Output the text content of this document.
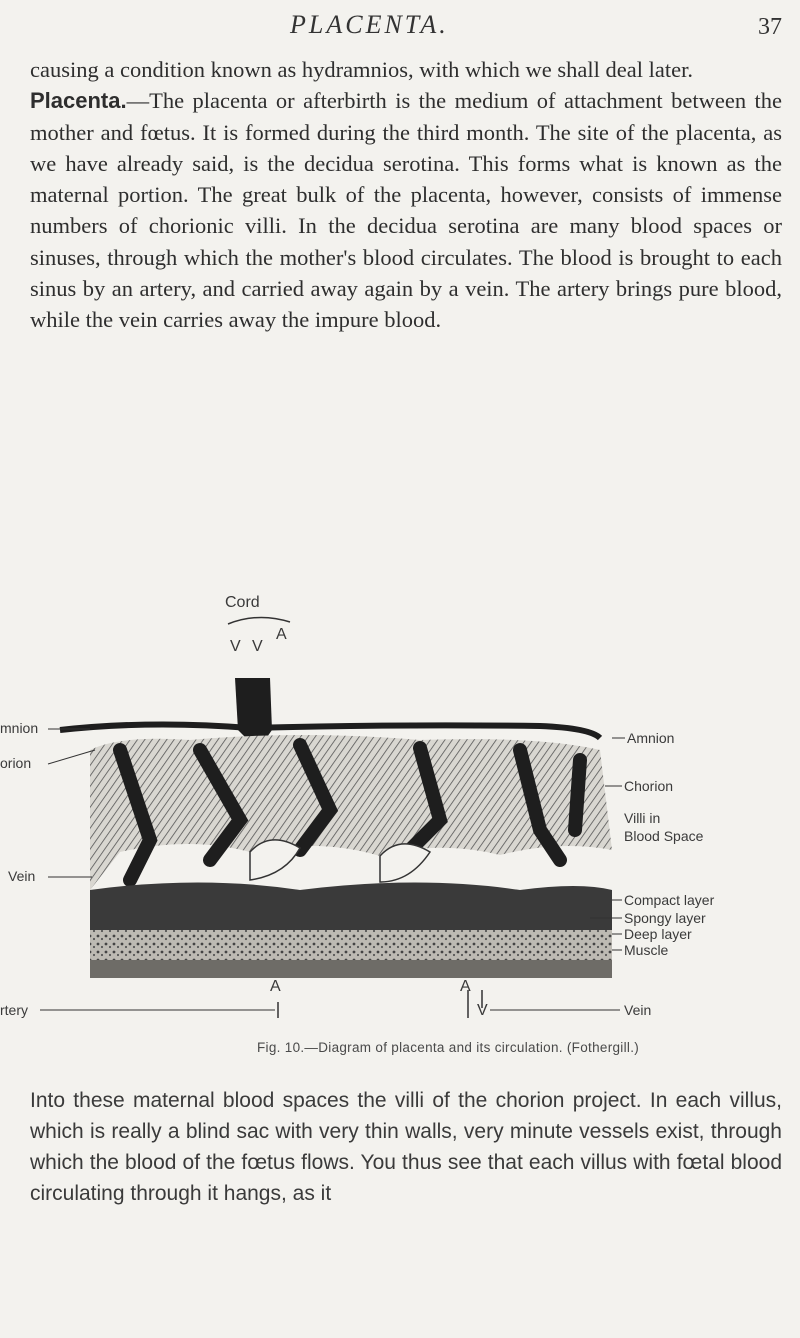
PLACENTA.	37

causing a condition known as hydramnios, with which we shall deal later.

Placenta.—The placenta or afterbirth is the medium of attachment between the mother and fœtus. It is formed during the third month. The site of the placenta, as we have already said, is the decidua serotina. This forms what is known as the maternal portion. The great bulk of the placenta, however, consists of immense numbers of chorionic villi. In the decidua serotina are many blood spaces or sinuses, through which the mother's blood circulates. The blood is brought to each sinus by an artery, and carried away again by a vein. The artery brings pure blood, while the vein carries away the impure blood.

Cord
V V
A
mnion
orion
Vein
rtery
Amnion
Chorion
Villi in
Blood Space
Compact layer
Spongy layer
Deep layer
Muscle
Vein
A	A
V
Fig. 10.—Diagram of placenta and its circulation. (Fothergill.)

Into these maternal blood spaces the villi of the chorion project. In each villus, which is really a blind sac with very thin walls, very minute vessels exist, through which the blood of the fœtus flows. You thus see that each villus with fœtal blood circulating through it hangs, as it
